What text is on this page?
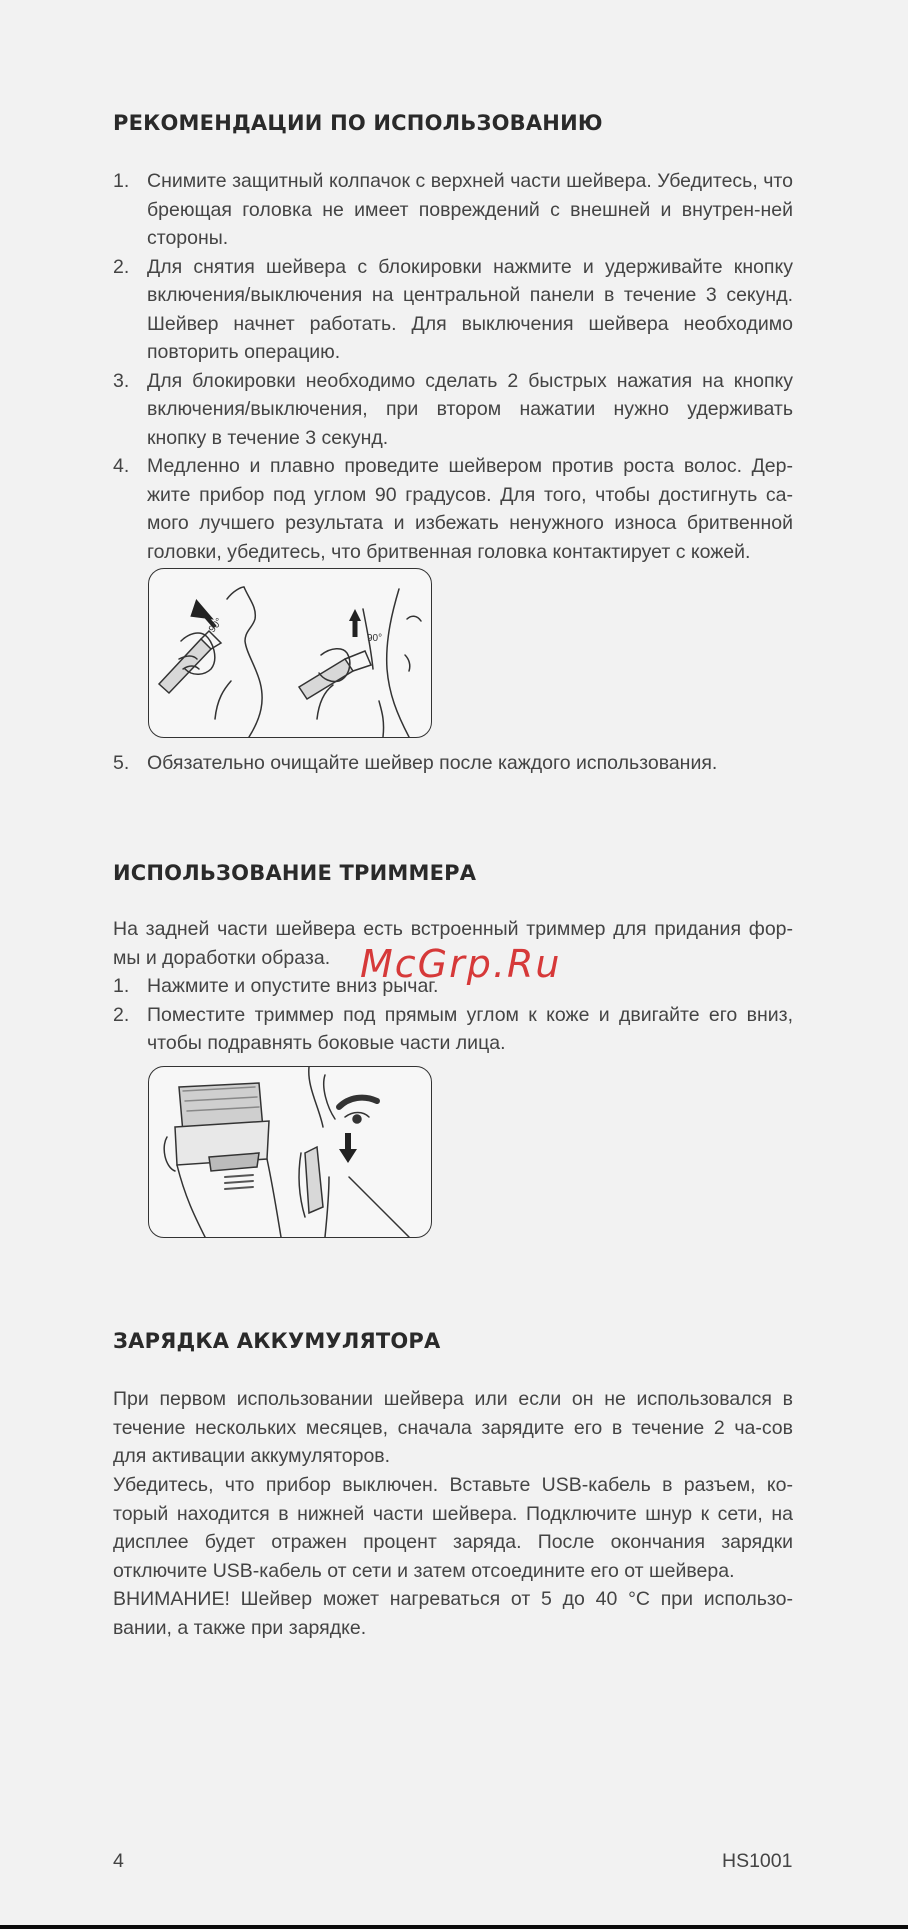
РЕКОМЕНДАЦИИ ПО ИСПОЛЬЗОВАНИЮ
1. Снимите защитный колпачок с верхней части шейвера. Убедитесь, что бреющая головка не имеет повреждений с внешней и внутрен-ней стороны.
2. Для снятия шейвера с блокировки нажмите и удерживайте кнопку включения/выключения на центральной панели в течение 3 секунд. Шейвер начнет работать. Для выключения шейвера необходимо повторить операцию.
3. Для блокировки необходимо сделать 2 быстрых нажатия на кнопку включения/выключения, при втором нажатии нужно удерживать кнопку в течение 3 секунд.
4. Медленно и плавно проведите шейвером против роста волос. Дер-жите прибор под углом 90 градусов. Для того, чтобы достигнуть са-мого лучшего результата и избежать ненужного износа бритвенной головки, убедитесь, что бритвенная головка контактирует с кожей.
90°
90°
5. Обязательно очищайте шейвер после каждого использования.
ИСПОЛЬЗОВАНИЕ ТРИММЕРА

На задней части шейвера есть встроенный триммер для придания фор-мы и доработки образа.

1. Нажмите и опустите вниз рычаг.
2. Поместите триммер под прямым углом к коже и двигайте его вниз, чтобы подравнять боковые части лица.
McGrp.Ru
ЗАРЯДКА АККУМУЛЯТОРА

При первом использовании шейвера или если он не использовался в течение нескольких месяцев, сначала зарядите его в течение 2 ча-сов для активации аккумуляторов.

Убедитесь, что прибор выключен. Вставьте USB-кабель в разъем, ко-торый находится в нижней части шейвера. Подключите шнур к сети, на дисплее будет отражен процент заряда. После окончания зарядки отключите USB-кабель от сети и затем отсоедините его от шейвера.

ВНИМАНИЕ! Шейвер может нагреваться от 5 до 40 °C при использо-вании, а также при зарядке.

4	HS1001
